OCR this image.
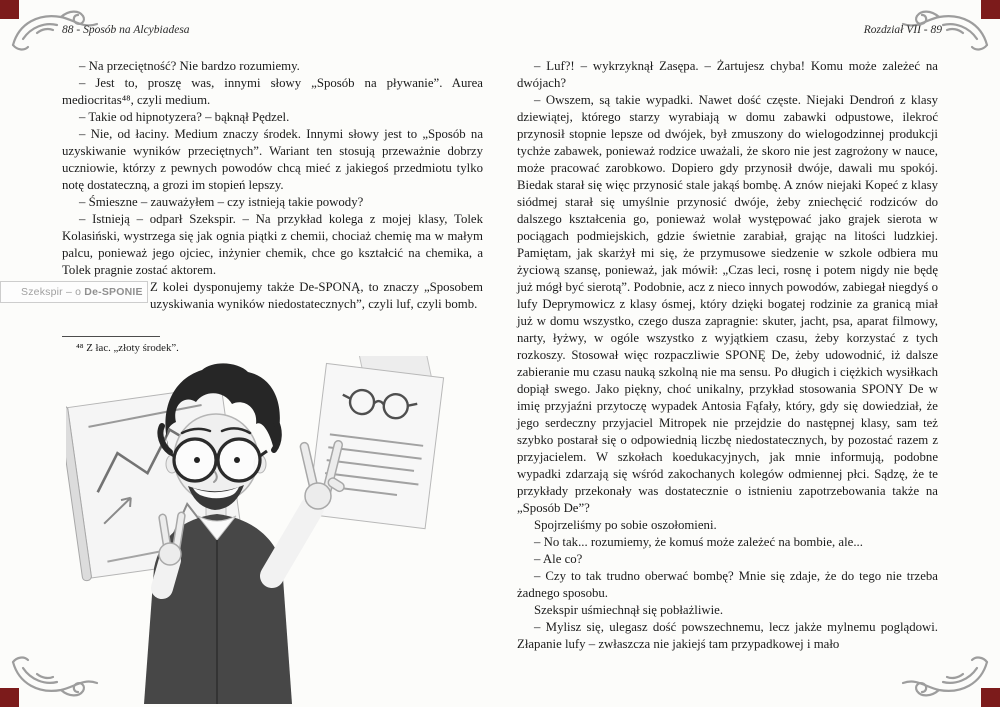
88 - Sposób na Alcybiadesa	Rozdział VII - 89

– Na przeciętność? Nie bardzo rozumiemy.

– Jest to, proszę was, innymi słowy „Sposób na pływanie”. Aurea mediocritas⁴⁸, czyli medium.

– Takie od hipnotyzera? – bąknął Pędzel.

– Nie, od łaciny. Medium znaczy środek. Innymi słowy jest to „Sposób na uzyskiwanie wyników przeciętnych”. Wariant ten stosują przeważnie dobrzy uczniowie, którzy z pewnych powodów chcą mieć z jakiegoś przedmiotu tylko notę dostateczną, a grozi im stopień lepszy.

– Śmieszne – zauważyłem – czy istnieją takie powody?

– Istnieją – odparł Szekspir. – Na przykład kolega z mojej klasy, Tolek Kolasiński, wystrzega się jak ognia piątki z chemii, chociaż chemię ma w małym palcu, ponieważ jego ojciec, inżynier chemik, chce go kształcić na chemika, a Tolek pragnie zostać aktorem.

Z kolei dysponujemy także De-SPONĄ, to znaczy „Sposobem uzyskiwania wyników niedostatecznych”, czyli luf, czyli bomb.

Szekspir – o De-SPONIE

⁴⁸ Z łac. „złoty środek”.

– Luf?! – wykrzyknął Zasępa. – Żartujesz chyba! Komu może zależeć na dwójach?

– Owszem, są takie wypadki. Nawet dość częste. Niejaki Dendroń z klasy dziewiątej, którego starzy wyrabiają w domu zabawki odpustowe, ilekroć przynosił stopnie lepsze od dwójek, był zmuszony do wielogodzinnej produkcji tychże zabawek, ponieważ rodzice uważali, że skoro nie jest zagrożony w nauce, może pracować zarobkowo. Dopiero gdy przynosił dwóje, dawali mu spokój. Biedak starał się więc przynosić stale jakąś bombę. A znów niejaki Kopeć z klasy siódmej starał się umyślnie przynosić dwóje, żeby zniechęcić rodziców do dalszego kształcenia go, ponieważ wolał występować jako grajek sierota w pociągach podmiejskich, gdzie świetnie zarabiał, grając na litości ludzkiej. Pamiętam, jak skarżył mi się, że przymusowe siedzenie w szkole odbiera mu życiową szansę, ponieważ, jak mówił: „Czas leci, rosnę i potem nigdy nie będę już mógł być sierotą”. Podobnie, acz z nieco innych powodów, zabiegał niegdyś o lufy Deprymowicz z klasy ósmej, który dzięki bogatej rodzinie za granicą miał już w domu wszystko, czego dusza zapragnie: skuter, jacht, psa, aparat filmowy, narty, łyżwy, w ogóle wszystko z wyjątkiem czasu, żeby korzystać z tych rozkoszy. Stosował więc rozpaczliwie SPONĘ De, żeby udowodnić, iż dalsze zabieranie mu czasu nauką szkolną nie ma sensu. Po długich i ciężkich wysiłkach dopiął swego. Jako piękny, choć unikalny, przykład stosowania SPONY De w imię przyjaźni przytoczę wypadek Antosia Fąfały, który, gdy się dowiedział, że jego serdeczny przyjaciel Mitropek nie przejdzie do następnej klasy, sam też szybko postarał się o odpowiednią liczbę niedostatecznych, by pozostać razem z przyjacielem. W szkołach koedukacyjnych, jak mnie informują, podobne wypadki zdarzają się wśród zakochanych kolegów odmiennej płci. Sądzę, że te przykłady przekonały was dostatecznie o istnieniu zapotrzebowania także na „Sposób De”?

Spojrzeliśmy po sobie oszołomieni.

– No tak... rozumiemy, że komuś może zależeć na bombie, ale...

– Ale co?

– Czy to tak trudno oberwać bombę? Mnie się zdaje, że do tego nie trzeba żadnego sposobu.

Szekspir uśmiechnął się pobłażliwie.

– Mylisz się, ulegasz dość powszechnemu, lecz jakże mylnemu poglądowi. Złapanie lufy – zwłaszcza nie jakiejś tam przypadkowej i mało
